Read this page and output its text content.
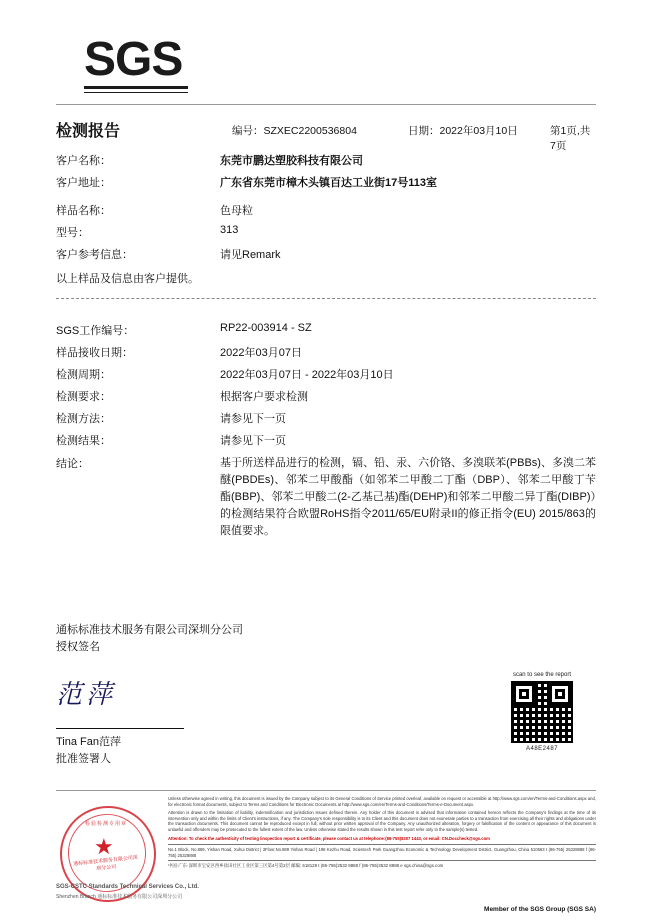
SGS
检测报告	编号：SZXEC2200536804	日期：2022年03月10日	第1页,共7页
客户名称：	东莞市鹏达塑胶科技有限公司
客户地址：	广东省东莞市樟木头镇百达工业街17号113室
样品名称：	色母粒
型号：	313
客户参考信息：	请见Remark
以上样品及信息由客户提供。
SGS工作编号：	RP22-003914 - SZ
样品接收日期：	2022年03月07日
检测周期：	2022年03月07日 - 2022年03月10日
检测要求：	根据客户要求检测
检测方法：	请参见下一页
检测结果：	请参见下一页
结论：	基于所送样品进行的检测，镉、铅、汞、六价铬、多溴联苯(PBBs)、多溴二苯醚(PBDEs)、邻苯二甲酸酯（如邻苯二甲酸二丁酯（DBP）、邻苯二甲酸丁苄酯(BBP)、邻苯二甲酸二(2-乙基己基)酯(DEHP)和邻苯二甲酸二异丁酯(DIBP)）的检测结果符合欧盟RoHS指令2011/65/EU附录II的修正指令(EU) 2015/863的限值要求。
通标标准技术服务有限公司深圳分公司
授权签名
范萍
Tina Fan范萍
批准签署人
scan to see the report
A48E2487
检验检测专用章
★
通标标准技术服务有限公司深圳分公司
Unless otherwise agreed in writing, this document is issued by the Company subject to its General Conditions of Service printed overleaf, available on request or accessible at http://www.sgs.com/en/Terms-and-Conditions.aspx and, for electronic format documents, subject to Terms and Conditions for Electronic Documents at http://www.sgs.com/en/Terms-and-Conditions/Terms-e-Document.aspx.
Attention is drawn to the limitation of liability, indemnification and jurisdiction issues defined therein. Any holder of this document is advised that information contained hereon reflects the Company's findings at the time of its intervention only and within the limits of Client's instructions, if any. The Company's sole responsibility is to its Client and this document does not exonerate parties to a transaction from exercising all their rights and obligations under the transaction documents. This document cannot be reproduced except in full, without prior written approval of the Company. Any unauthorized alteration, forgery or falsification of the content or appearance of this document is unlawful and offenders may be prosecuted to the fullest extent of the law. Unless otherwise stated the results shown in this test report refer only to the sample(s) tested.
Attention: To check the authenticity of testing /inspection report & certificate, please contact us at telephone:(86-755)8307 1443, or email: CN.Doccheck@sgs.com
No.1 Block, No.889, Yishan Road, Xuhui District | 3Floor,No.889 Yishan Road | 198 Kezhu Road, Scientech Park Guangzhou Economic & Technology Development District, Guangzhou, China 510663 t (86-755) 25328888 f (86-755) 25328888
中国·广东·深圳市宝安区西乡盐田社区工业区第三区第4号第2层 邮编: 518129 t (86-755)2532 8888 f (86-755)2532 8888 e sgs.china@sgs.com
SGS-CSTC Standards Technical Services Co., Ltd.
Shenzhen Branch 通标标准技术服务有限公司深圳分公司
Member of the SGS Group (SGS SA)
